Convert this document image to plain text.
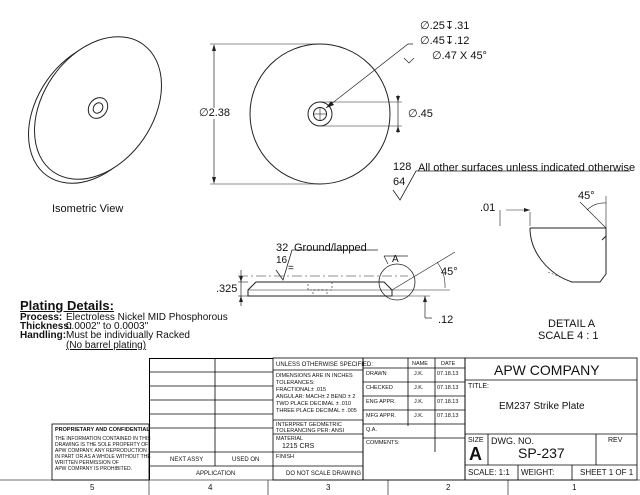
∅.25↧.31
∅.45↧.12
∅.47 X 45°
∅2.38	∅.45
128
64
All other surfaces unless indicated otherwise
Isometric View	.01
45°
DETAIL A
SCALE 4 : 1
32 Ground/lapped
16
=
.325
A
45°
.12
Plating Details:
Process: Electroless Nickel MID Phosphorous
Thickness:
0.0002" to 0.0003"
Handling: Must be individually Racked
(No barrel plating)
NEXT ASSY	USED ON
APPLICATION
PROPRIETARY AND CONFIDENTIAL
THE INFORMATION CONTAINED IN THIS
DRAWING IS THE SOLE PROPERTY OF
APW COMPANY. ANY REPRODUCTION
IN PART OR AS A WHOLE WITHOUT THE
WRITTEN PERMISSION OF
APW COMPANY IS PROHIBITED.
UNLESS OTHERWISE SPECIFIED:
DIMENSIONS ARE IN INCHES
TOLERANCES:
FRACTIONAL± .015
ANGULAR: MACH± 2 BEND ± 2
TWO PLACE DECIMAL ± .010
THREE PLACE DECIMAL ± .005
INTERPRET GEOMETRIC
TOLERANCING PER: ANSI
MATERIAL
1215 CRS
FINISH
DO NOT SCALE DRAWING
NAME DATE
DRAWN	J.K. 07.18.13
CHECKED	J.K. 07.18.13
ENG APPR.	J.K. 07.18.13
MFG APPR.	J.K. 07.18.13
Q.A.
COMMENTS:
APW COMPANY
TITLE:
EM237 Strike Plate
SIZE
A
DWG. NO.
SP-237
REV
SCALE: 1:1 WEIGHT:	SHEET 1 OF 1
5	4	3	2	1
